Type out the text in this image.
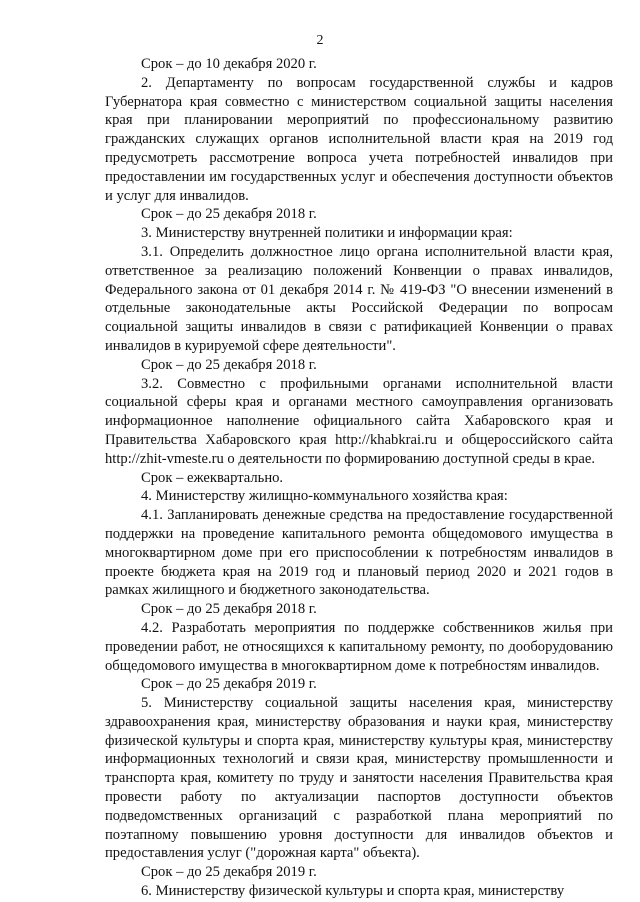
2

Срок – до 10 декабря 2020 г.

2. Департаменту по вопросам государственной службы и кадров Губернатора края совместно с министерством социальной защиты населения края при планировании мероприятий по профессиональному развитию гражданских служащих органов исполнительной власти края на 2019 год предусмотреть рассмотрение вопроса учета потребностей инвалидов при предоставлении им государственных услуг и обеспечения доступности объектов и услуг для инвалидов.

Срок – до 25 декабря 2018 г.

3. Министерству внутренней политики и информации края:

3.1. Определить должностное лицо органа исполнительной власти края, ответственное за реализацию положений Конвенции о правах инвалидов, Федерального закона от 01 декабря 2014 г. № 419-ФЗ "О внесении изменений в отдельные законодательные акты Российской Федерации по вопросам социальной защиты инвалидов в связи с ратификацией Конвенции о правах инвалидов в курируемой сфере деятельности".

Срок – до 25 декабря 2018 г.

3.2. Совместно с профильными органами исполнительной власти социальной сферы края и органами местного самоуправления организовать информационное наполнение официального сайта Хабаровского края и Правительства Хабаровского края http://khabkrai.ru и общероссийского сайта http://zhit-vmeste.ru о деятельности по формированию доступной среды в крае.

Срок – ежеквартально.

4. Министерству жилищно-коммунального хозяйства края:

4.1. Запланировать денежные средства на предоставление государственной поддержки на проведение капитального ремонта общедомового имущества в многоквартирном доме при его приспособлении к потребностям инвалидов в проекте бюджета края на 2019 год и плановый период 2020 и 2021 годов в рамках жилищного и бюджетного законодательства.

Срок – до 25 декабря 2018 г.

4.2. Разработать мероприятия по поддержке собственников жилья при проведении работ, не относящихся к капитальному ремонту, по дооборудованию общедомового имущества в многоквартирном доме к потребностям инвалидов.

Срок – до 25 декабря 2019 г.

5. Министерству социальной защиты населения края, министерству здравоохранения края, министерству образования и науки края, министерству физической культуры и спорта края, министерству культуры края, министерству информационных технологий и связи края, министерству промышленности и транспорта края, комитету по труду и занятости населения Правительства края провести работу по актуализации паспортов доступности объектов подведомственных организаций с разработкой плана мероприятий по поэтапному повышению уровня доступности для инвалидов объектов и предоставления услуг ("дорожная карта" объекта).

Срок – до 25 декабря 2019 г.

6. Министерству физической культуры и спорта края, министерству
